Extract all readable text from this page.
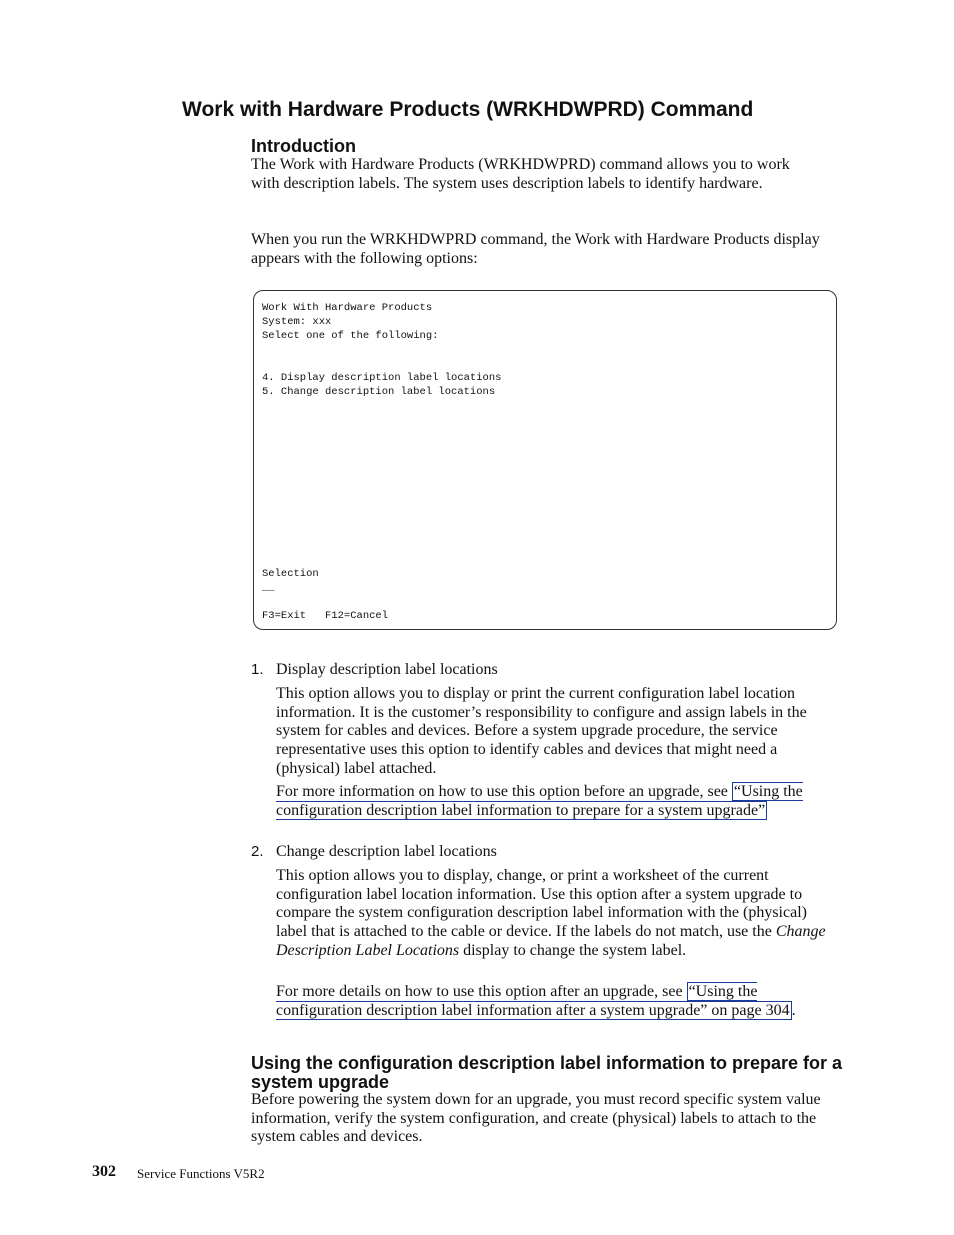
Work with Hardware Products (WRKHDWPRD) Command
Introduction

The Work with Hardware Products (WRKHDWPRD) command allows you to work with description labels. The system uses description labels to identify hardware.

When you run the WRKHDWPRD command, the Work with Hardware Products display appears with the following options:

Work With Hardware Products
System: xxx
Select one of the following:
4. Display description label locations
5. Change description label locations
Selection
__
F3=Exit   F12=Cancel
1. Display description label locations

This option allows you to display or print the current configuration label location information. It is the customer’s responsibility to configure and assign labels in the system for cables and devices. Before a system upgrade procedure, the service representative uses this option to identify cables and devices that might need a (physical) label attached.

For more information on how to use this option before an upgrade, see “Using the configuration description label information to prepare for a system upgrade”

2. Change description label locations

This option allows you to display, change, or print a worksheet of the current configuration label location information. Use this option after a system upgrade to compare the system configuration description label information with the (physical) label that is attached to the cable or device. If the labels do not match, use the Change Description Label Locations display to change the system label.

For more details on how to use this option after an upgrade, see “Using the configuration description label information after a system upgrade” on page 304 .

Using the configuration description label information to prepare for a system upgrade

Before powering the system down for an upgrade, you must record specific system value information, verify the system configuration, and create (physical) labels to attach to the system cables and devices.

302 Service Functions V5R2
